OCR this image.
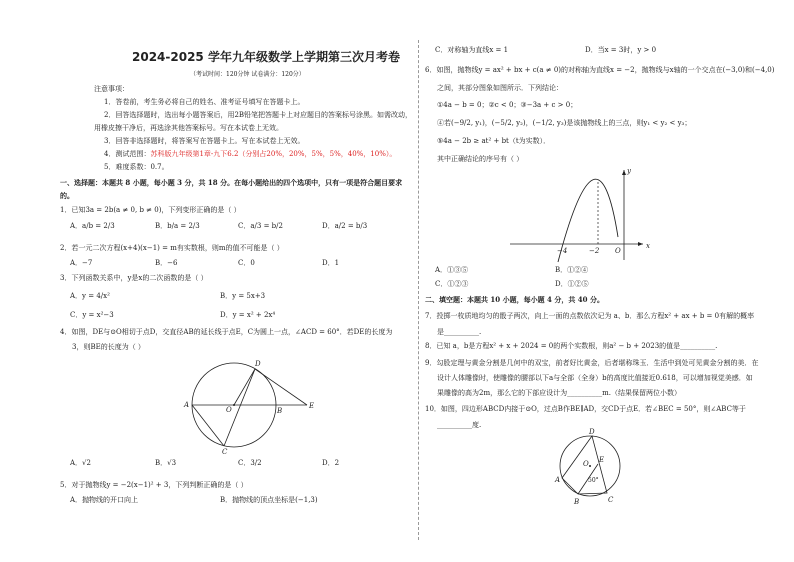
2024-2025 学年九年级数学上学期第三次月考卷
（考试时间：120分钟 试卷满分：120分）
注意事项：
1．答卷前，考生务必将自己的姓名、准考证号填写在答题卡上。
2．回答选择题时，选出每小题答案后，用2B铅笔把答题卡上对应题目的答案标号涂黑。如需改动，
用橡皮擦干净后，再选涂其他答案标号。写在本试卷上无效。
3．回答非选择题时，将答案写在答题卡上。写在本试卷上无效。
4．测试范围：苏科版九年级第1章-九下6.2（分别占20%，20%，5%，5%，40%，10%）。
5．难度系数：0.7。
一、选择题：本题共 8 小题，每小题 3 分，共 18 分。在每小题给出的四个选项中，只有一项是符合题目要求
的。
1．已知3a = 2b(a ≠ 0, b ≠ 0)，下列变形正确的是（ ）
A．a/b = 2/3	B．b/a = 2/3	C．a/3 = b/2	D．a/2 = b/3
2．若一元二次方程(x+4)(x−1) = m有实数根，则m的值不可能是（ ）
A．−7	B．−6	C．0	D．1
3．下列函数关系中，y是x的二次函数的是（ ）
A．y = 4/x²	B．y = 5x+3
C．y = x²−3	D．y = x² + 2x⁴
4．如图，DE与⊙O相切于点D，交直径AB的延长线于点E，C为圆上一点，∠ACD = 60°．若DE的长度为
3，则BE的长度为（ ）
A
B
C
D
E
O
A．√2	B．√3	C．3/2	D．2
5．对于抛物线y = −2(x−1)² + 3，下列判断正确的是（ ）
A．抛物线的开口向上	B．抛物线的顶点坐标是(−1,3)
C．对称轴为直线x = 1	D．当x = 3时，y > 0
6．如图，抛物线y = ax² + bx + c(a ≠ 0)的对称轴为直线x = −2，抛物线与x轴的一个交点在(−3,0)和(−4,0)
之间，其部分图象如图所示．下列结论：
①4a − b = 0；②c < 0；③−3a + c > 0；
④若(−9/2, y₁)，(−5/2, y₂)，(−1/2, y₃)是该抛物线上的三点，则y₁ < y₂ < y₃；
⑤4a − 2b ≥ at² + bt（t为实数）．
其中正确结论的序号有（ ）
x
y
O
−2
−4
A．①③⑤	B．①②④
C．①②③	D．①②⑤
二、填空题：本题共 10 小题，每小题 4 分，共 40 分。
7．投掷一枚质地均匀的骰子两次，向上一面的点数依次记为 a、b．那么方程x² + ax + b = 0有解的概率
是__________.
8．已知 a，b是方程x² + x + 2024 = 0的两个实数根，则a² − b + 2023的值是__________.
9．勾股定理与黄金分割是几何中的双宝，前者好比黄金，后者堪称珠玉．生活中到处可见黄金分割的美．在
设计人体雕像时，使雕像的腰部以下a与全部（全身）b的高度比值接近0.618，可以增加视觉美感．如
果雕像的高为2m，那么它的下部应设计为__________m.（结果保留两位小数）
10．如图，四边形ABCD内接于⊙O，过点B作BE∥AD，交CD于点E．若∠BEC = 50°，则∠ABC等于
__________度.
D
A
B	C
E
O
50°
